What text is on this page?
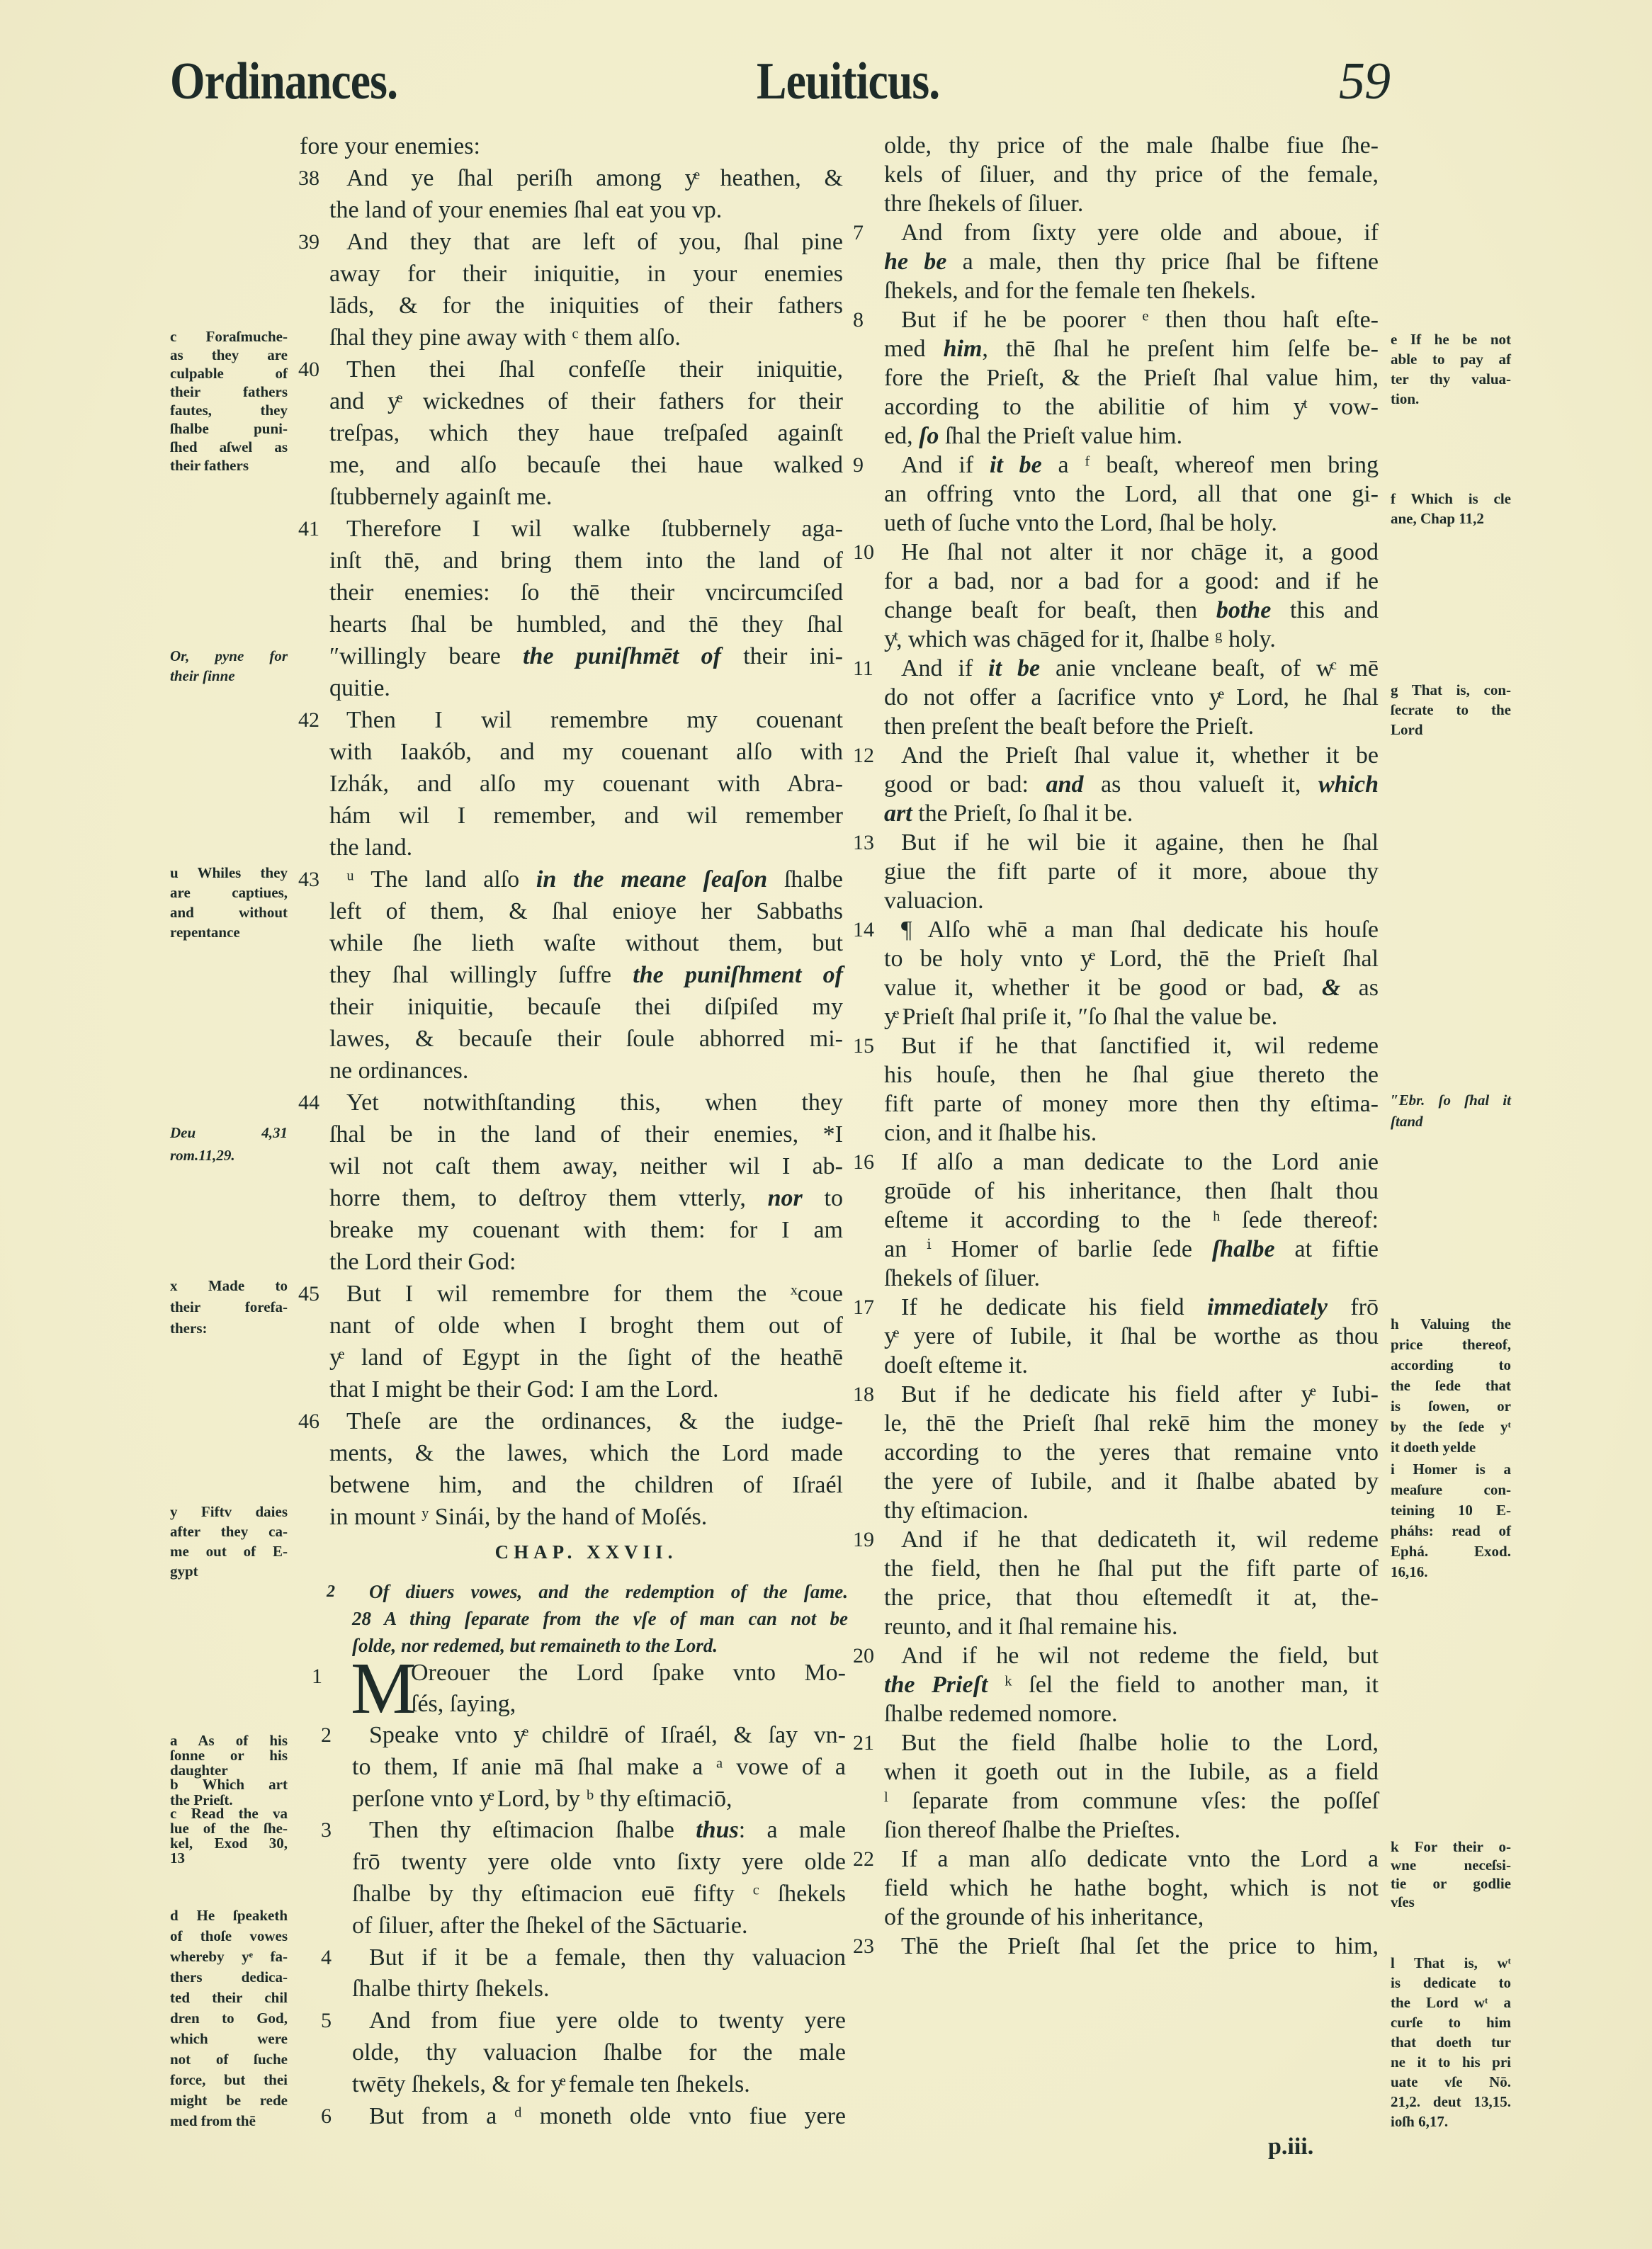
Ordinances.	Leuiticus.	59
fore your enemies:
38 And ye ſhal periſh among yͤ heathen, &
the land of your enemies ſhal eat you vp.
39 And they that are left of you, ſhal pine
away for their iniquitie, in your enemies
lāds, & for the iniquities of their fathers
ſhal they pine away with ᶜ them alſo.
40 Then thei ſhal confeſſe their iniquitie,
and yͤ wickednes of their fathers for their
treſpas, which they haue treſpaſed againſt
me, and alſo becauſe thei haue walked
ſtubbernely againſt me.
41 Therefore I wil walke ſtubbernely aga-
inſt thē, and bring them into the land of
their enemies: ſo thē their vncircumciſed
hearts ſhal be humbled, and thē they ſhal
″willingly beare the puniſhmēt of their ini-
quitie.
42 Then I wil remembre my couenant
with Iaakób, and my couenant alſo with
Izhák, and alſo my couenant with Abra-
hám wil I remember, and wil remember
the land.
43 ᵘ The land alſo in the meane ſeaſon ſhalbe
left of them, & ſhal enioye her Sabbaths
while ſhe lieth waſte without them, but
they ſhal willingly ſuffre the puniſhment of
their iniquitie, becauſe thei diſpiſed my
lawes, & becauſe their ſoule abhorred mi-
ne ordinances.
44 Yet notwithſtanding this, when they
ſhal be in the land of their enemies, *I
wil not caſt them away, neither wil I ab-
horre them, to deſtroy them vtterly, nor to
breake my couenant with them: for I am
the Lord their God:
45 But I wil remembre for them the ˣcoue
nant of olde when I broght them out of
yͤ land of Egypt in the ſight of the heathē
that I might be their God: I am the Lord.
46 Theſe are the ordinances, & the iudge-
ments, & the lawes, which the Lord made
betwene him, and the children of Iſraél
in mount ʸ Sinái, by the hand of Moſés.
CHAP. XXVII.
2 Of diuers vowes, and the redemption of the ſame.
28 A thing ſeparate from the vſe of man can not be
ſolde, nor redemed, but remaineth to the Lord.
1 M
Oreouer the Lord ſpake vnto Mo-
ſés, ſaying,
2 Speake vnto yͤ childrē of Iſraél, & ſay vn-
to them, If anie mā ſhal make a ᵃ vowe of a
perſone vnto yͤ Lord, by ᵇ thy eſtimaciō,
3 Then thy eſtimacion ſhalbe thus: a male
frō twenty yere olde vnto ſixty yere olde
ſhalbe by thy eſtimacion euē fifty ᶜ ſhekels
of ſiluer, after the ſhekel of the Sāctuarie.
4 But if it be a female, then thy valuacion
ſhalbe thirty ſhekels.
5 And from fiue yere olde to twenty yere
olde, thy valuacion ſhalbe for the male
twēty ſhekels, & for yͤ female ten ſhekels.
6 But from a ᵈ moneth olde vnto fiue yere
olde, thy price of the male ſhalbe fiue ſhe-
kels of ſiluer, and thy price of the female,
thre ſhekels of ſiluer.
7 And from ſixty yere olde and aboue, if
he be a male, then thy price ſhal be fiftene
ſhekels, and for the female ten ſhekels.
8 But if he be poorer ᵉ then thou haſt eſte-
med him, thē ſhal he preſent him ſelfe be-
fore the Prieſt, & the Prieſt ſhal value him,
according to the abilitie of him yͭ vow-
ed, ſo ſhal the Prieſt value him.
9 And if it be a ᶠ beaſt, whereof men bring
an offring vnto the Lord, all that one gi-
ueth of ſuche vnto the Lord, ſhal be holy.
10 He ſhal not alter it nor chāge it, a good
for a bad, nor a bad for a good: and if he
change beaſt for beaſt, then bothe this and
yͭ, which was chāged for it, ſhalbe ᵍ holy.
11 And if it be anie vncleane beaſt, of wͨ mē
do not offer a ſacrifice vnto yͤ Lord, he ſhal
then preſent the beaſt before the Prieſt.
12 And the Prieſt ſhal value it, whether it be
good or bad: and as thou valueſt it, which
art the Prieſt, ſo ſhal it be.
13 But if he wil bie it againe, then he ſhal
giue the fift parte of it more, aboue thy
valuacion.
14 ¶ Alſo whē a man ſhal dedicate his houſe
to be holy vnto yͤ Lord, thē the Prieſt ſhal
value it, whether it be good or bad, & as
yͤ Prieſt ſhal priſe it, ″ſo ſhal the value be.
15 But if he that ſanctified it, wil redeme
his houſe, then he ſhal giue thereto the
fift parte of money more then thy eſtima-
cion, and it ſhalbe his.
16 If alſo a man dedicate to the Lord anie
groūde of his inheritance, then ſhalt thou
eſteme it according to the ʰ ſede thereof:
an ⁱ Homer of barlie ſede ſhalbe at fiftie
ſhekels of ſiluer.
17 If he dedicate his field immediately frō
yͤ yere of Iubile, it ſhal be worthe as thou
doeſt eſteme it.
18 But if he dedicate his field after yͤ Iubi-
le, thē the Prieſt ſhal rekē him the money
according to the yeres that remaine vnto
the yere of Iubile, and it ſhalbe abated by
thy eſtimacion.
19 And if he that dedicateth it, wil redeme
the field, then he ſhal put the fift parte of
the price, that thou eſtemedſt it at, the-
reunto, and it ſhal remaine his.
20 And if he wil not redeme the field, but
the Prieſt ᵏ ſel the field to another man, it
ſhalbe redemed nomore.
21 But the field ſhalbe holie to the Lord,
when it goeth out in the Iubile, as a field
ˡ ſeparate from commune vſes: the poſſeſ
ſion thereof ſhalbe the Prieſtes.
22 If a man alſo dedicate vnto the Lord a
field which he hathe boght, which is not
of the grounde of his inheritance,
23 Thē the Prieſt ſhal ſet the price to him,
c Foraſmuche-
as they are
culpable of
their fathers
fautes, they
ſhalbe puni-
ſhed aſwel as
their fathers
Or, pyne for
their ſinne
u Whiles they
are captiues,
and without
repentance
Deu 4,31
rom.11,29.
x Made to
their forefa-
thers:
y Fiftv daies
after they ca-
me out of E-
gypt
a As of his
ſonne or his
daughter
b Which art
the Prieſt.
c Read the va
lue of the ſhe-
kel, Exod 30,
13
d He ſpeaketh
of thoſe vowes
whereby yͤ fa-
thers dedica-
ted their chil
dren to God,
which were
not of ſuche
force, but thei
might be rede
med from thē
e If he be not
able to pay af
ter thy valua-
tion.
f Which is cle
ane, Chap 11,2
g That is, con-
ſecrate to the
Lord
″Ebr. ſo ſhal it
ſtand
h Valuing the
price thereof,
according to
the ſede that
is ſowen, or
by the ſede yͭ
it doeth yelde
i Homer is a
meaſure con-
teining 10 E-
pháhs: read of
Ephá. Exod.
16,16.
k For their o-
wne neceſsi-
tie or godlie
vſes
l That is, wͭ
is dedicate to
the Lord wͭ a
curſe to him
that doeth tur
ne it to his pri
uate vſe Nō.
21,2. deut 13,15.
ioſh 6,17.
p.iii.
